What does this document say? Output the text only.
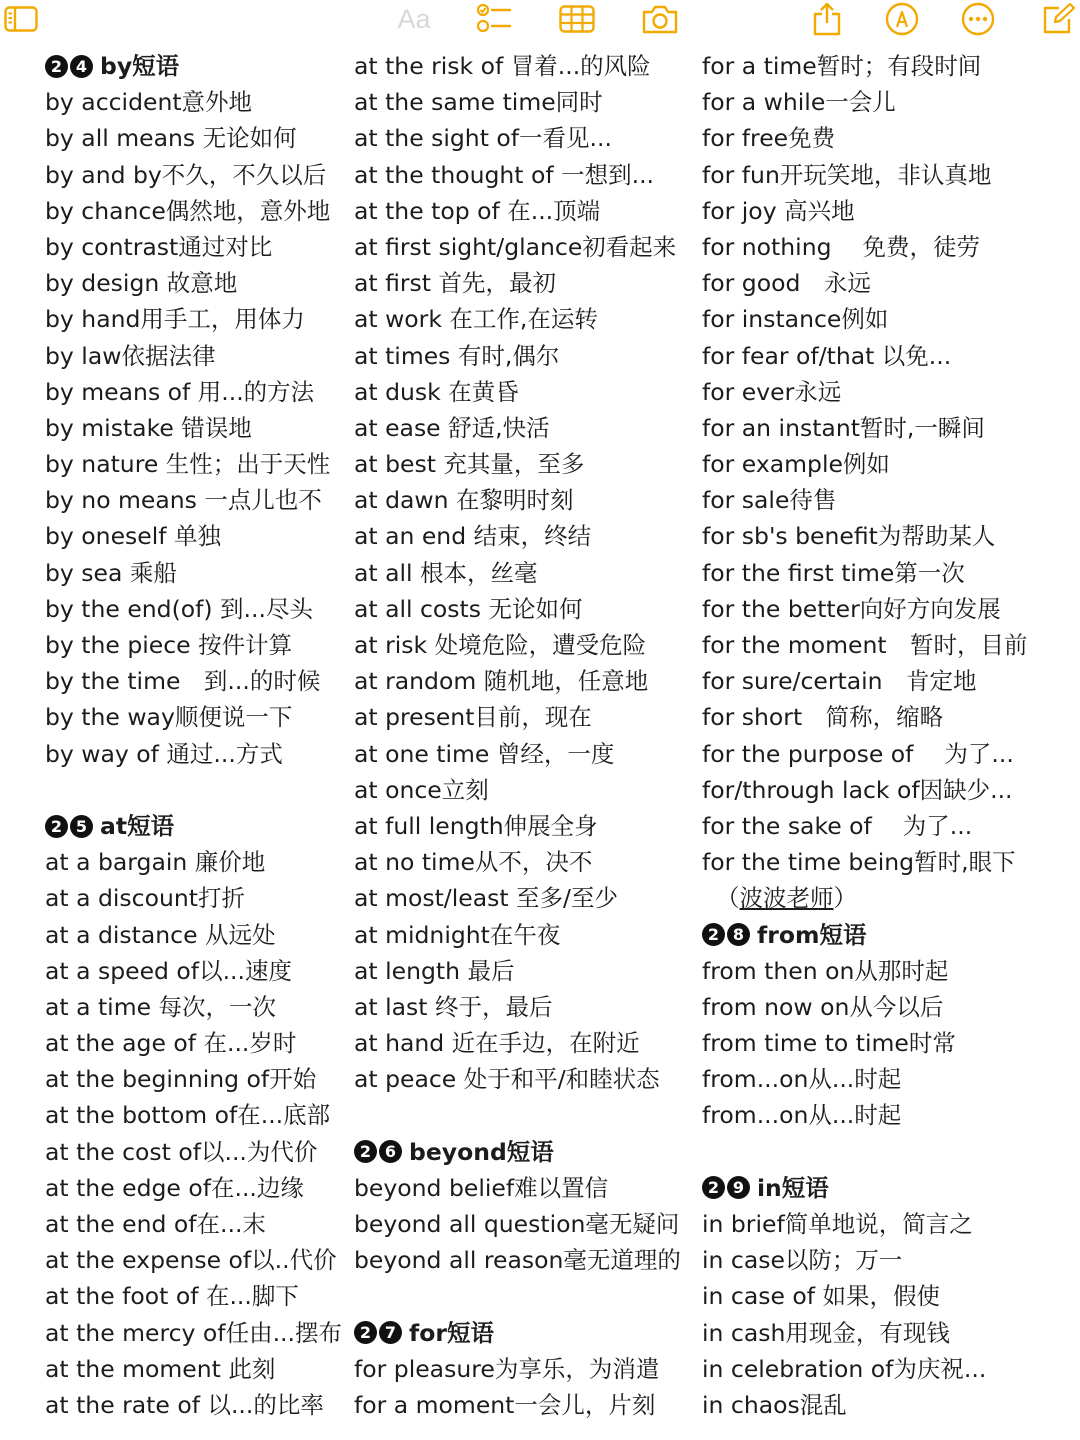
Aa
2 4 by短语
by accident意外地
by all means 无论如何
by and by不久，不久以后
by chance偶然地，意外地
by contrast通过对比
by design 故意地
by hand用手工，用体力
by law依据法律
by means of 用...的方法
by mistake 错误地
by nature 生性；出于天性
by no means 一点儿也不
by oneself 单独
by sea 乘船
by the end(of) 到...尽头
by the piece 按件计算
by the time　到...的时候
by the way顺便说一下
by way of 通过...方式
2 5 at短语
at a bargain 廉价地
at a discount打折
at a distance 从远处
at a speed of以...速度
at a time 每次，一次
at the age of 在...岁时
at the beginning of开始
at the bottom of在...底部
at the cost of以...为代价
at the edge of在...边缘
at the end of在...末
at the expense of以..代价
at the foot of 在...脚下
at the mercy of任由...摆布
at the moment 此刻
at the rate of 以...的比率
at the risk of 冒着...的风险
at the same time同时
at the sight of一看见...
at the thought of 一想到...
at the top of 在...顶端
at first sight/glance初看起来
at first 首先，最初
at work 在工作,在运转
at times 有时,偶尔
at dusk 在黄昏
at ease 舒适,快活
at best 充其量，至多
at dawn 在黎明时刻
at an end 结束，终结
at all 根本，丝毫
at all costs 无论如何
at risk 处境危险，遭受危险
at random 随机地，任意地
at present目前，现在
at one time 曾经，一度
at once立刻
at full length伸展全身
at no time从不，决不
at most/least 至多/至少
at midnight在午夜
at length 最后
at last 终于，最后
at hand 近在手边，在附近
at peace 处于和平/和睦状态
2 6 beyond短语
beyond belief难以置信
beyond all question毫无疑问
beyond all reason毫无道理的
2 7 for短语
for pleasure为享乐，为消遣
for a moment一会儿，片刻
for a time暂时；有段时间
for a while一会儿
for free免费
for fun开玩笑地，非认真地
for joy 高兴地
for nothing　 免费，徒劳
for good　永远
for instance例如
for fear of/that 以免...
for ever永远
for an instant暂时,一瞬间
for example例如
for sale待售
for sb's benefit为帮助某人
for the first time第一次
for the better向好方向发展
for the moment　暂时，目前
for sure/certain　肯定地
for short　简称，缩略
for the purpose of　 为了...
for/through lack of因缺少...
for the sake of　 为了...
for the time being暂时,眼下
（波波老师）
2 8 from短语
from then on从那时起
from now on从今以后
from time to time时常
from...on从...时起
from...on从...时起
2 9 in短语
in brief简单地说，简言之
in case以防；万一
in case of 如果，假使
in cash用现金，有现钱
in celebration of为庆祝...
in chaos混乱
